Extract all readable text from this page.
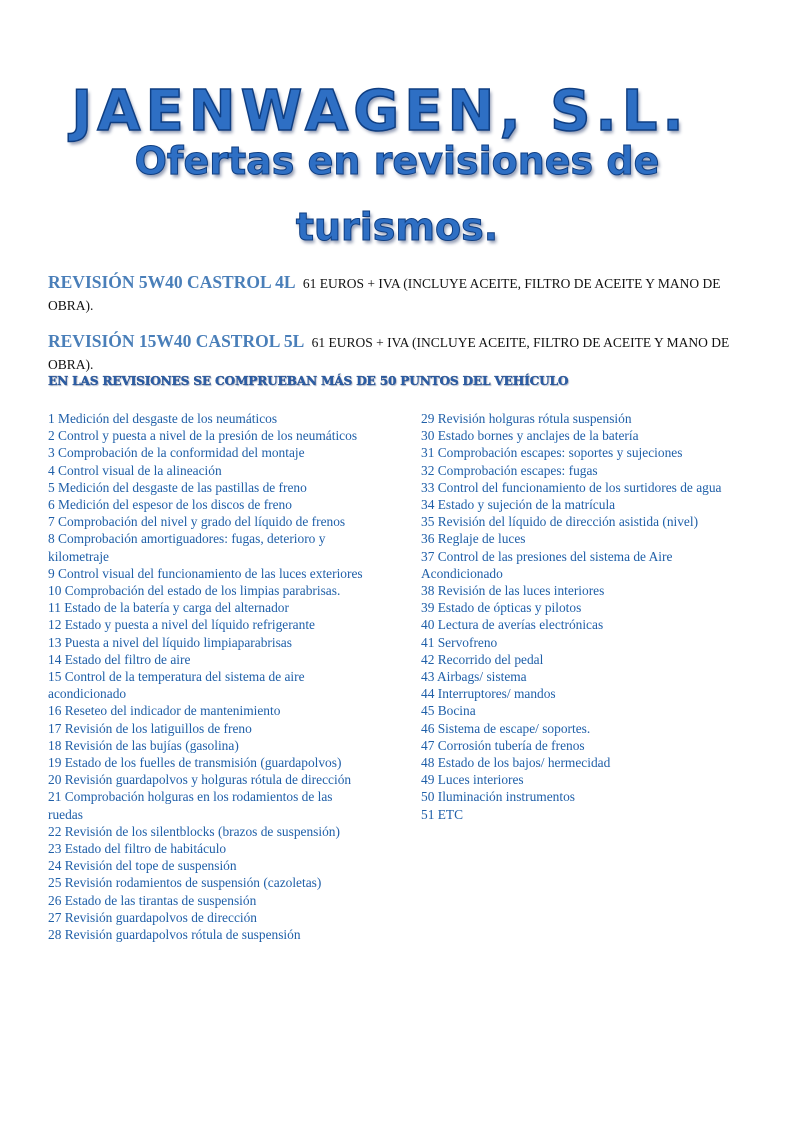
JAENWAGEN, S.L.
Ofertas en revisiones de
turismos.

REVISIÓN 5W40 CASTROL 4L 61 EUROS + IVA (INCLUYE ACEITE, FILTRO DE ACEITE Y MANO DE OBRA).

REVISIÓN 15W40 CASTROL 5L 61 EUROS + IVA (INCLUYE ACEITE, FILTRO DE ACEITE Y MANO DE OBRA).

EN LAS REVISIONES SE COMPRUEBAN MÁS DE 50 PUNTOS DEL VEHÍCULO
1 Medición del desgaste de los neumáticos
2 Control y puesta a nivel de la presión de los neumáticos
3 Comprobación de la conformidad del montaje
4 Control visual de la alineación
5 Medición del desgaste de las pastillas de freno
6 Medición del espesor de los discos de freno
7 Comprobación del nivel y grado del líquido de frenos
8 Comprobación amortiguadores: fugas, deterioro y kilometraje
9 Control visual del funcionamiento de las luces exteriores
10 Comprobación del estado de los limpias parabrisas.
11 Estado de la batería y carga del alternador
12 Estado y puesta a nivel del líquido refrigerante
13 Puesta a nivel del líquido limpiaparabrisas
14 Estado del filtro de aire
15 Control de la temperatura del sistema de aire acondicionado
16 Reseteo del indicador de mantenimiento
17 Revisión de los latiguillos de freno
18 Revisión de las bujías (gasolina)
19 Estado de los fuelles de transmisión (guardapolvos)
20 Revisión guardapolvos y holguras rótula de dirección
21 Comprobación holguras en los rodamientos de las ruedas
22 Revisión de los silentblocks (brazos de suspensión)
23 Estado del filtro de habitáculo
24 Revisión del tope de suspensión
25 Revisión rodamientos de suspensión (cazoletas)
26 Estado de las tirantas de suspensión
27 Revisión guardapolvos de dirección
28 Revisión guardapolvos rótula de suspensión
29 Revisión holguras rótula suspensión
30 Estado bornes y anclajes de la batería
31 Comprobación escapes: soportes y sujeciones
32 Comprobación escapes: fugas
33 Control del funcionamiento de los surtidores de agua
34 Estado y sujeción de la matrícula
35 Revisión del líquido de dirección asistida (nivel)
36 Reglaje de luces
37 Control de las presiones del sistema de Aire Acondicionado
38 Revisión de las luces interiores
39 Estado de ópticas y pilotos
40 Lectura de averías electrónicas
41 Servofreno
42 Recorrido del pedal
43 Airbags/ sistema
44 Interruptores/ mandos
45 Bocina
46 Sistema de escape/ soportes.
47 Corrosión tubería de frenos
48 Estado de los bajos/ hermecidad
49 Luces interiores
50 Iluminación instrumentos
51 ETC
